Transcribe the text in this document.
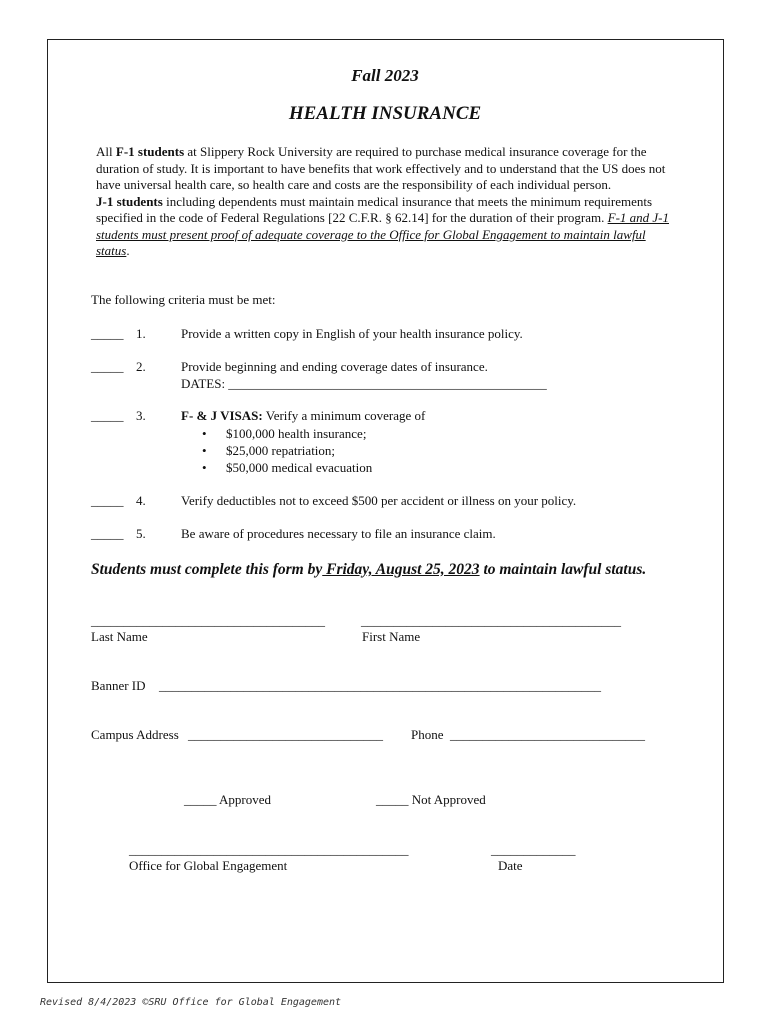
Fall 2023
HEALTH INSURANCE

All F-1 students at Slippery Rock University are required to purchase medical insurance coverage for the duration of study. It is important to have benefits that work effectively and to understand that the US does not have universal health care, so health care and costs are the responsibility of each individual person.

J-1 students including dependents must maintain medical insurance that meets the minimum requirements specified in the code of Federal Regulations [22 C.F.R. § 62.14] for the duration of their program. F-1 and J-1 students must present proof of adequate coverage to the Office for Global Engagement to maintain lawful status.

The following criteria must be met:
_____ 1.	Provide a written copy in English of your health insurance policy.
_____ 2.	Provide beginning and ending coverage dates of insurance.
DATES: _________________________________________________
_____ 3.	F- & J VISAS: Verify a minimum coverage of
• $100,000 health insurance;
• $25,000 repatriation;
• $50,000 medical evacuation
_____ 4.	Verify deductibles not to exceed $500 per accident or illness on your policy.
_____ 5.	Be aware of procedures necessary to file an insurance claim.
Students must complete this form by Friday, August 25, 2023 to maintain lawful status.
____________________________________	________________________________________
Last Name	First Name
Banner ID ____________________________________________________________________
Campus Address ______________________________ Phone ______________________________
_____ Approved	_____ Not Approved
___________________________________________	_____________
Office for Global Engagement	Date
Revised 8/4/2023 ©SRU Office for Global Engagement
